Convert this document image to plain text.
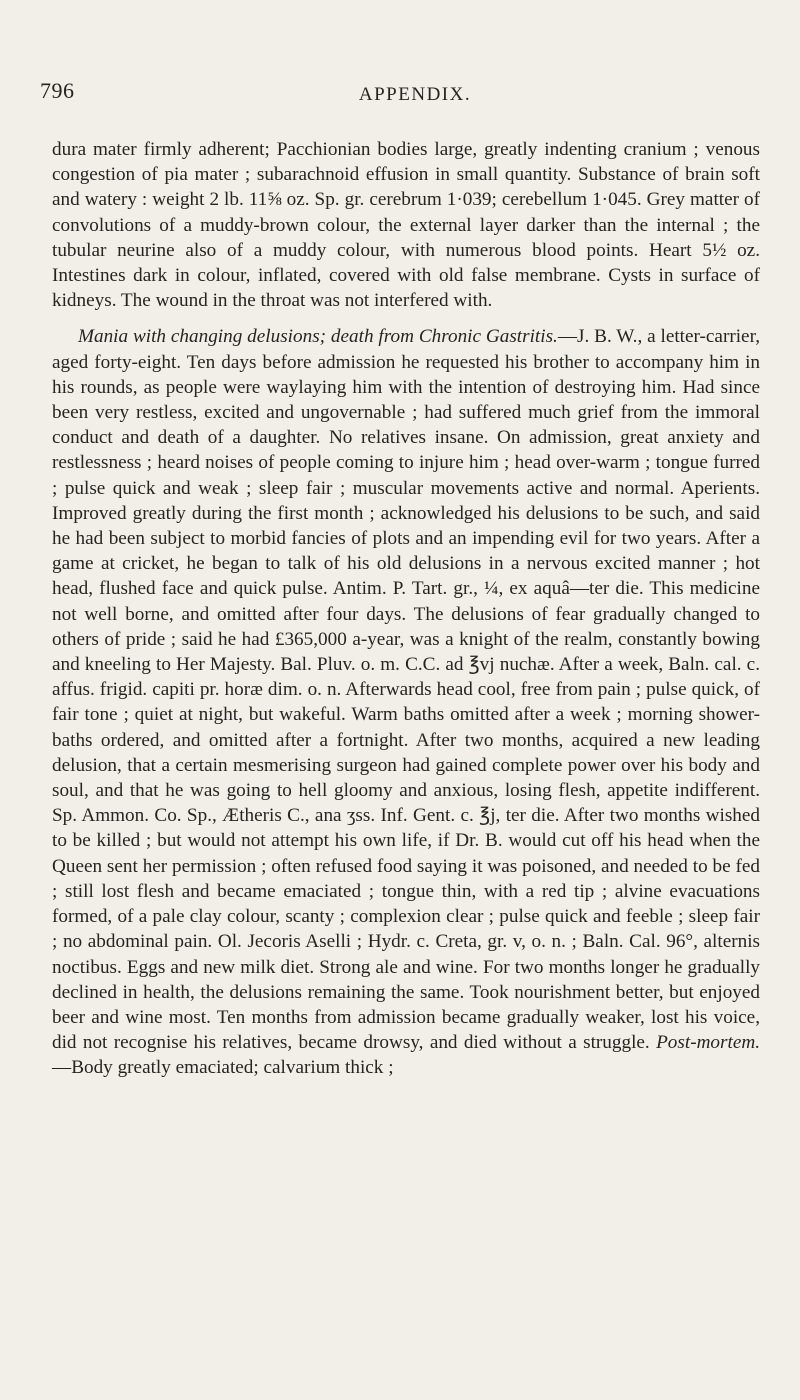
796	APPENDIX.

dura mater firmly adherent; Pacchionian bodies large, greatly indenting cranium ; venous congestion of pia mater ; subarachnoid effusion in small quantity. Substance of brain soft and watery : weight 2 lb. 11⅝ oz. Sp. gr. cerebrum 1·039; cerebellum 1·045. Grey matter of convolutions of a muddy-brown colour, the external layer darker than the internal ; the tubular neurine also of a muddy colour, with numerous blood points. Heart 5½ oz. Intestines dark in colour, inflated, covered with old false membrane. Cysts in surface of kidneys. The wound in the throat was not interfered with.

Mania with changing delusions; death from Chronic Gastritis.—J. B. W., a letter-carrier, aged forty-eight. Ten days before admission he requested his brother to accompany him in his rounds, as people were waylaying him with the intention of destroying him. Had since been very restless, excited and ungovernable ; had suffered much grief from the immoral conduct and death of a daughter. No relatives insane. On admission, great anxiety and restlessness ; heard noises of people coming to injure him ; head over-warm ; tongue furred ; pulse quick and weak ; sleep fair ; muscular movements active and normal. Aperients. Improved greatly during the first month ; acknowledged his delusions to be such, and said he had been subject to morbid fancies of plots and an impending evil for two years. After a game at cricket, he began to talk of his old delusions in a nervous excited manner ; hot head, flushed face and quick pulse. Antim. P. Tart. gr., ¼, ex aquâ—ter die. This medicine not well borne, and omitted after four days. The delusions of fear gradually changed to others of pride ; said he had £365,000 a-year, was a knight of the realm, constantly bowing and kneeling to Her Majesty. Bal. Pluv. o. m. C.C. ad ℥vj nuchæ. After a week, Baln. cal. c. affus. frigid. capiti pr. horæ dim. o. n. Afterwards head cool, free from pain ; pulse quick, of fair tone ; quiet at night, but wakeful. Warm baths omitted after a week ; morning shower-baths ordered, and omitted after a fortnight. After two months, acquired a new leading delusion, that a certain mesmerising surgeon had gained complete power over his body and soul, and that he was going to hell gloomy and anxious, losing flesh, appetite indifferent. Sp. Ammon. Co. Sp., Ætheris C., ana ʒss. Inf. Gent. c. ℥j, ter die. After two months wished to be killed ; but would not attempt his own life, if Dr. B. would cut off his head when the Queen sent her permission ; often refused food saying it was poisoned, and needed to be fed ; still lost flesh and became emaciated ; tongue thin, with a red tip ; alvine evacuations formed, of a pale clay colour, scanty ; complexion clear ; pulse quick and feeble ; sleep fair ; no abdominal pain. Ol. Jecoris Aselli ; Hydr. c. Creta, gr. v, o. n. ; Baln. Cal. 96°, alternis noctibus. Eggs and new milk diet. Strong ale and wine. For two months longer he gradually declined in health, the delusions remaining the same. Took nourishment better, but enjoyed beer and wine most. Ten months from admission became gradually weaker, lost his voice, did not recognise his relatives, became drowsy, and died without a struggle. Post-mortem.—Body greatly emaciated; calvarium thick ;
